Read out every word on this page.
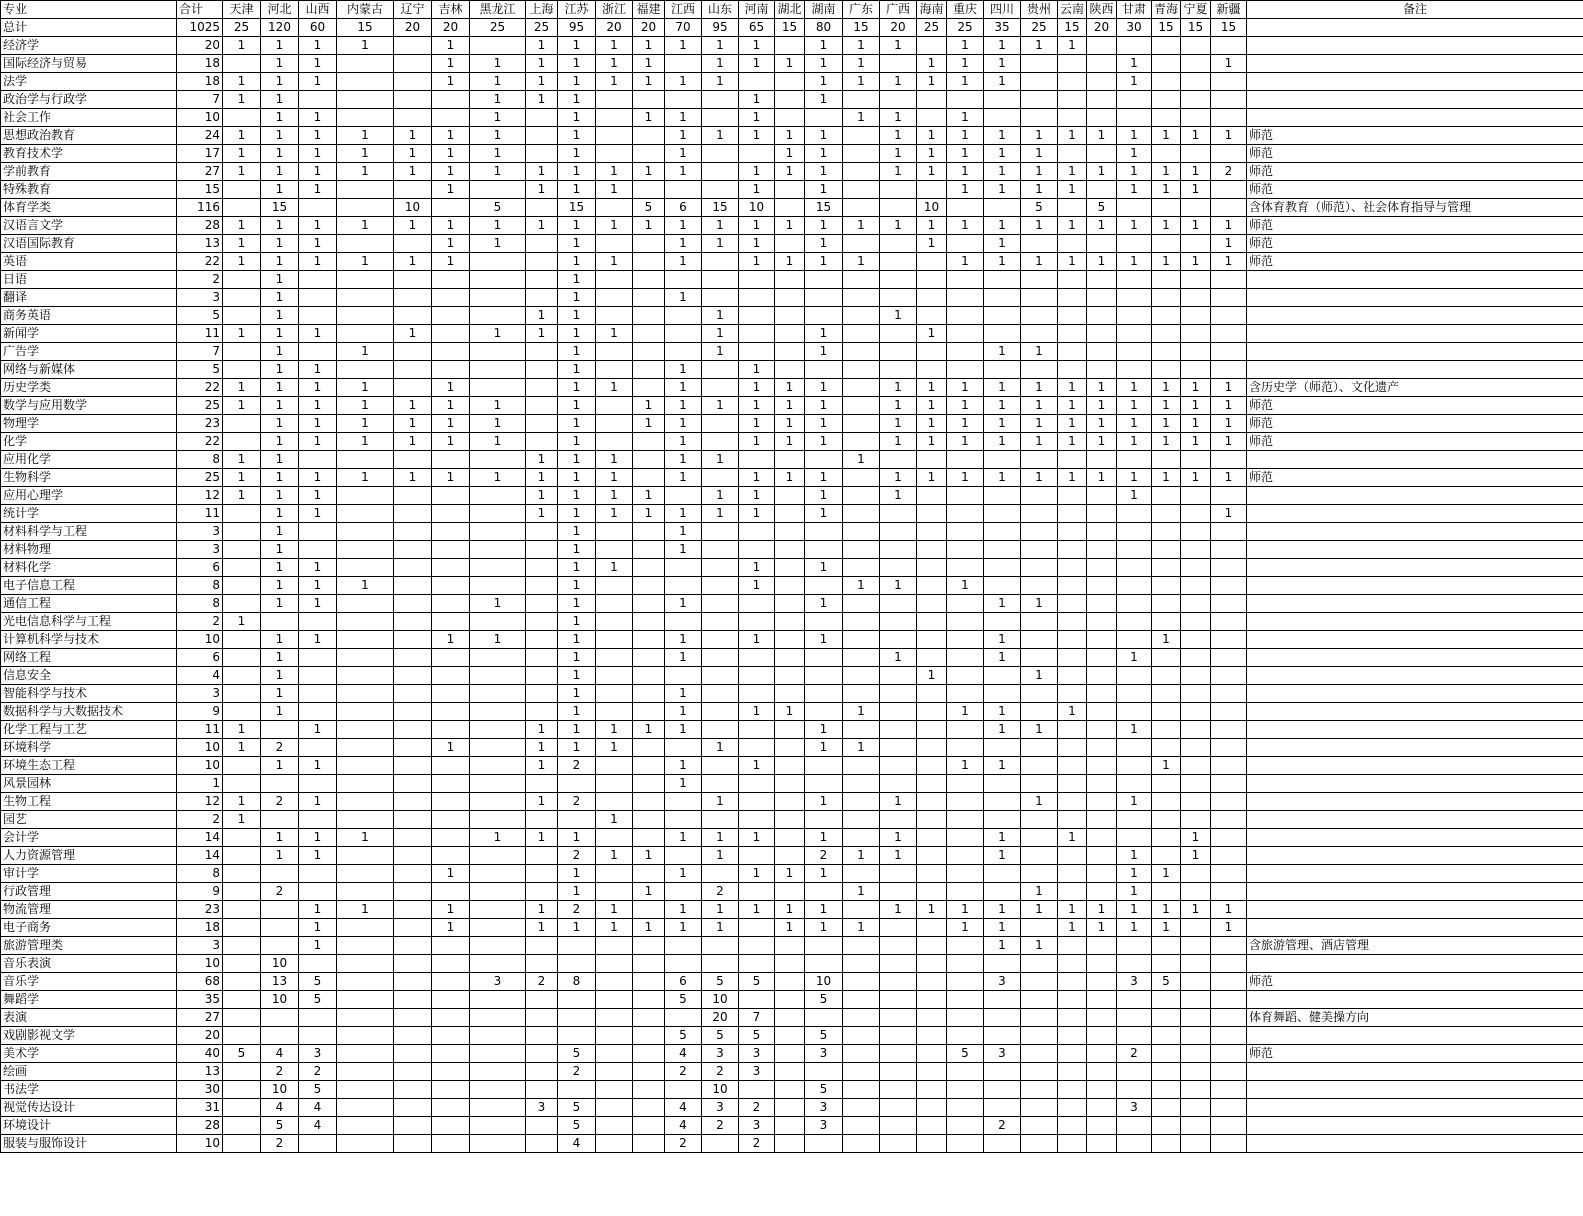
专业	合计	天津	河北	山西	内蒙古	辽宁	吉林	黑龙江	上海	江苏	浙江	福建	江西	山东	河南	湖北	湖南	广东	广西	海南	重庆	四川	贵州	云南	陕西	甘肃	青海	宁夏	新疆	备注
总计	1025	25	120	60	15	20	20	25	25	95	20	20	70	95	65	15	80	15	20	25	25	35	25	15	20	30	15	15	15	
经济学	20	1	1	1	1		1		1	1	1	1	1	1	1		1	1	1		1	1	1	1						
国际经济与贸易	18		1	1			1	1	1	1	1	1		1	1	1	1	1		1	1	1				1			1	
法学	18	1	1	1			1	1	1	1	1	1	1	1			1	1	1	1	1	1				1				
政治学与行政学	7	1	1					1	1	1					1		1													
社会工作	10		1	1				1		1		1	1		1			1	1		1									
思想政治教育	24	1	1	1	1	1	1	1		1			1	1	1	1	1		1	1	1	1	1	1	1	1	1	1	1	师范
教育技术学	17	1	1	1	1	1	1	1		1			1			1	1		1	1	1	1	1			1				师范
学前教育	27	1	1	1	1	1	1	1	1	1	1	1	1		1	1	1		1	1	1	1	1	1	1	1	1	1	2	师范
特殊教育	15		1	1			1		1	1	1				1		1				1	1	1	1		1	1	1		师范
体育学类	116		15			10		5		15		5	6	15	10		15			10			5		5					含体育教育（师范）、社会体育指导与管理
汉语言文学	28	1	1	1	1	1	1	1	1	1	1	1	1	1	1	1	1	1	1	1	1	1	1	1	1	1	1	1	1	师范
汉语国际教育	13	1	1	1			1	1		1			1	1	1		1			1		1							1	师范
英语	22	1	1	1	1	1	1			1	1		1		1	1	1	1			1	1	1	1	1	1	1	1	1	师范
日语	2		1							1																				
翻译	3		1							1			1																	
商务英语	5		1						1	1				1					1											
新闻学	11	1	1	1		1		1	1	1	1			1			1			1										
广告学	7		1		1					1				1			1					1	1							
网络与新媒体	5		1	1						1			1		1															
历史学类	22	1	1	1	1		1			1	1		1		1	1	1		1	1	1	1	1	1	1	1	1	1	1	含历史学（师范）、文化遗产
数学与应用数学	25	1	1	1	1	1	1	1		1		1	1	1	1	1	1		1	1	1	1	1	1	1	1	1	1	1	师范
物理学	23		1	1	1	1	1	1		1		1	1		1	1	1		1	1	1	1	1	1	1	1	1	1	1	师范
化学	22		1	1	1	1	1	1		1			1		1	1	1		1	1	1	1	1	1	1	1	1	1	1	师范
应用化学	8	1	1						1	1	1		1	1				1												
生物科学	25	1	1	1	1	1	1	1	1	1	1		1		1	1	1		1	1	1	1	1	1	1	1	1	1	1	师范
应用心理学	12	1	1	1					1	1	1	1		1	1		1		1							1				
统计学	11		1	1					1	1	1	1	1	1	1		1												1	
材料科学与工程	3		1							1			1																	
材料物理	3		1							1			1																	
材料化学	6		1	1						1	1				1		1													
电子信息工程	8		1	1	1					1					1			1	1		1									
通信工程	8		1	1				1		1			1				1					1	1							
光电信息科学与工程	2	1								1																				
计算机科学与技术	10		1	1			1	1		1			1		1		1					1					1			
网络工程	6		1							1			1						1			1				1				
信息安全	4		1							1										1			1							
智能科学与技术	3		1							1			1																	
数据科学与大数据技术	9		1							1			1		1	1		1			1	1		1						
化学工程与工艺	11	1		1					1	1	1	1	1				1					1	1			1				
环境科学	10	1	2				1		1	1	1			1			1	1												
环境生态工程	10		1	1					1	2			1		1						1	1					1			
风景园林	1												1																	
生物工程	12	1	2	1					1	2				1			1		1				1			1				
园艺	2	1									1																			
会计学	14		1	1	1			1	1	1			1	1	1		1		1			1		1				1		
人力资源管理	14		1	1						2	1	1		1			2	1	1			1				1		1		
审计学	8						1			1			1		1	1	1									1	1			
行政管理	9		2							1		1		2				1					1			1				
物流管理	23			1	1		1		1	2	1		1	1	1	1	1		1	1	1	1	1	1	1	1	1	1	1	
电子商务	18			1			1		1	1	1	1	1	1		1	1	1			1	1		1	1	1	1		1	
旅游管理类	3			1																		1	1							含旅游管理、酒店管理
音乐表演	10		10																											
音乐学	68		13	5				3	2	8			6	5	5		10					3				3	5			师范
舞蹈学	35		10	5									5	10			5													
表演	27													20	7															体育舞蹈、健美操方向
戏剧影视文学	20												5	5	5		5													
美术学	40	5	4	3						5			4	3	3		3				5	3				2				师范
绘画	13		2	2						2			2	2	3															
书法学	30		10	5										10			5													
视觉传达设计	31		4	4					3	5			4	3	2		3									3				
环境设计	28		5	4						5			4	2	3		3					2								
服装与服饰设计	10		2							4			2		2															
